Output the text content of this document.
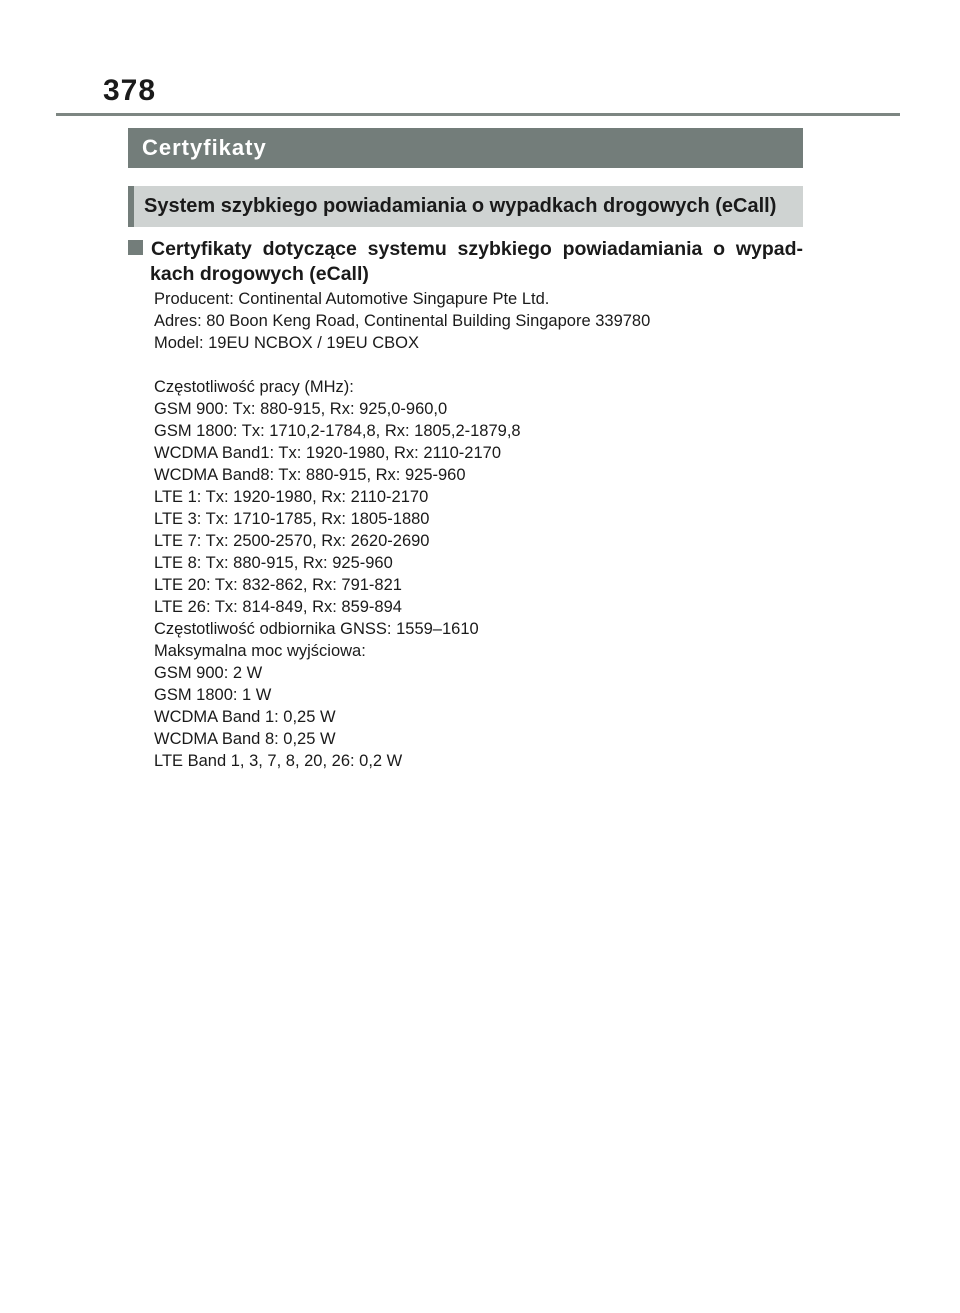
378
Certyfikaty
System szybkiego powiadamiania o wypadkach drogowych (eCall)
Certyfikaty dotyczące systemu szybkiego powiadamiania o wypad-
kach drogowych (eCall)
Producent: Continental Automotive Singapure Pte Ltd.
Adres: 80 Boon Keng Road, Continental Building Singapore 339780
Model: 19EU NCBOX / 19EU CBOX
Częstotliwość pracy (MHz):
GSM 900: Tx: 880-915, Rx: 925,0-960,0
GSM 1800: Tx: 1710,2-1784,8, Rx: 1805,2-1879,8
WCDMA Band1: Tx: 1920-1980, Rx: 2110-2170
WCDMA Band8: Tx: 880-915, Rx: 925-960
LTE 1: Tx: 1920-1980, Rx: 2110-2170
LTE 3: Tx: 1710-1785, Rx: 1805-1880
LTE 7: Tx: 2500-2570, Rx: 2620-2690
LTE 8: Tx: 880-915, Rx: 925-960
LTE 20: Tx: 832-862, Rx: 791-821
LTE 26: Tx: 814-849, Rx: 859-894
Częstotliwość odbiornika GNSS: 1559–1610
Maksymalna moc wyjściowa:
GSM 900: 2 W
GSM 1800: 1 W
WCDMA Band 1: 0,25 W
WCDMA Band 8: 0,25 W
LTE Band 1, 3, 7, 8, 20, 26: 0,2 W
